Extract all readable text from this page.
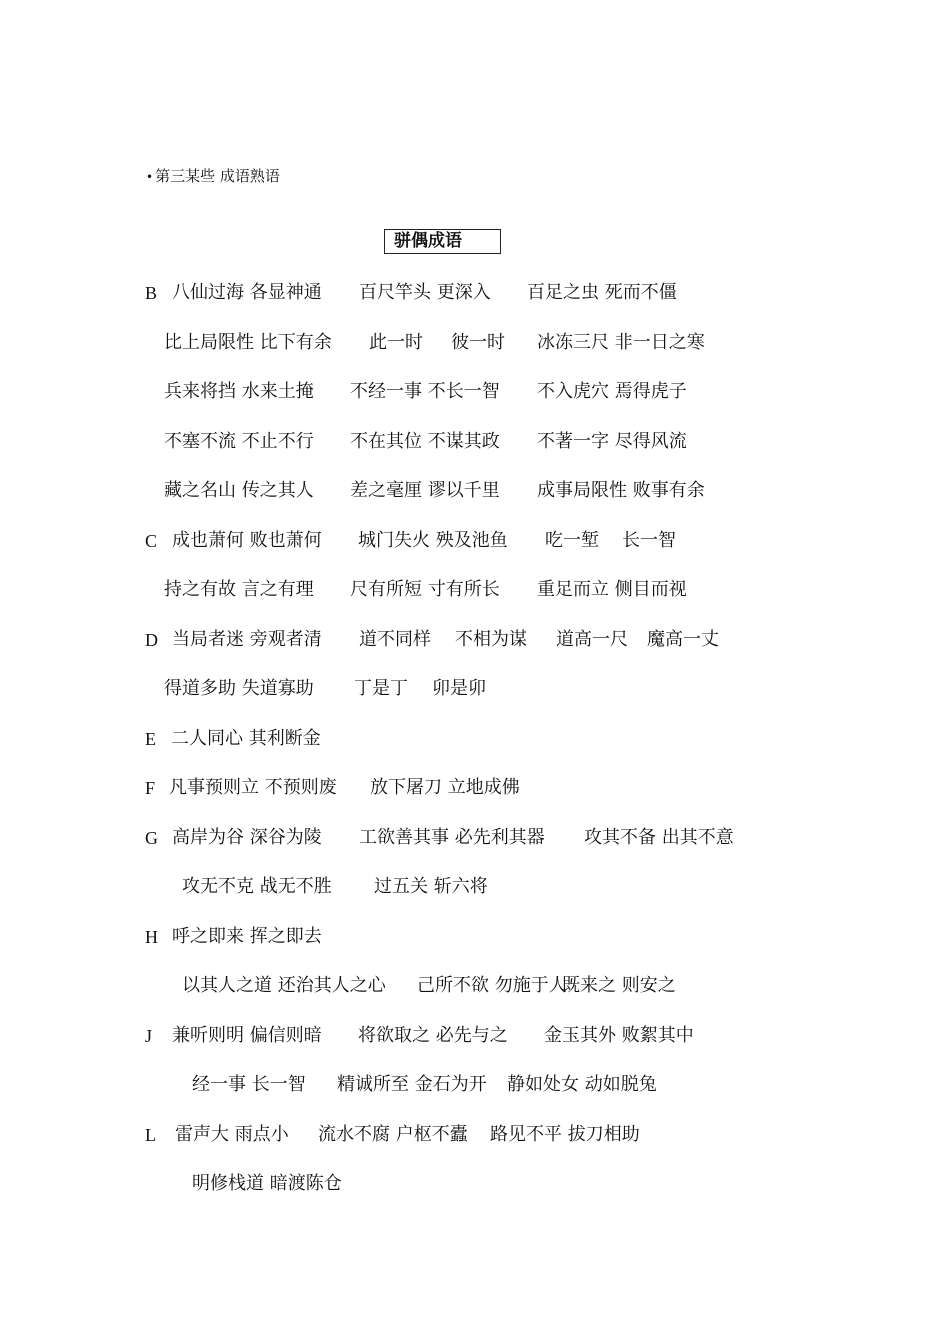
• 第三某些 成语熟语
骈偶成语
B 八仙过海 各显神通 百尺竿头 更深入 百足之虫 死而不僵
比上局限性 比下有余 此一时 彼一时 冰冻三尺 非一日之寒
兵来将挡 水来土掩 不经一事 不长一智 不入虎穴 焉得虎子
不塞不流 不止不行 不在其位 不谋其政 不著一字 尽得风流
藏之名山 传之其人 差之毫厘 谬以千里 成事局限性 败事有余
C 成也萧何 败也萧何 城门失火 殃及池鱼 吃一堑 长一智
持之有故 言之有理 尺有所短 寸有所长 重足而立 侧目而视
D 当局者迷 旁观者清 道不同样 不相为谋 道高一尺 魔高一丈
得道多助 失道寡助 丁是丁 卯是卯
E 二人同心 其利断金
F 凡事预则立 不预则废 放下屠刀 立地成佛
G 高岸为谷 深谷为陵 工欲善其事 必先利其器 攻其不备 出其不意
攻无不克 战无不胜 过五关 斩六将
H 呼之即来 挥之即去
以其人之道 还治其人之心 己所不欲 勿施于人
既来之 则安之
J 兼听则明 偏信则暗 将欲取之 必先与之 金玉其外 败絮其中
经一事 长一智 精诚所至 金石为开 静如处女 动如脱兔
L 雷声大 雨点小 流水不腐 户枢不蠹 路见不平 拔刀相助
明修栈道 暗渡陈仓
